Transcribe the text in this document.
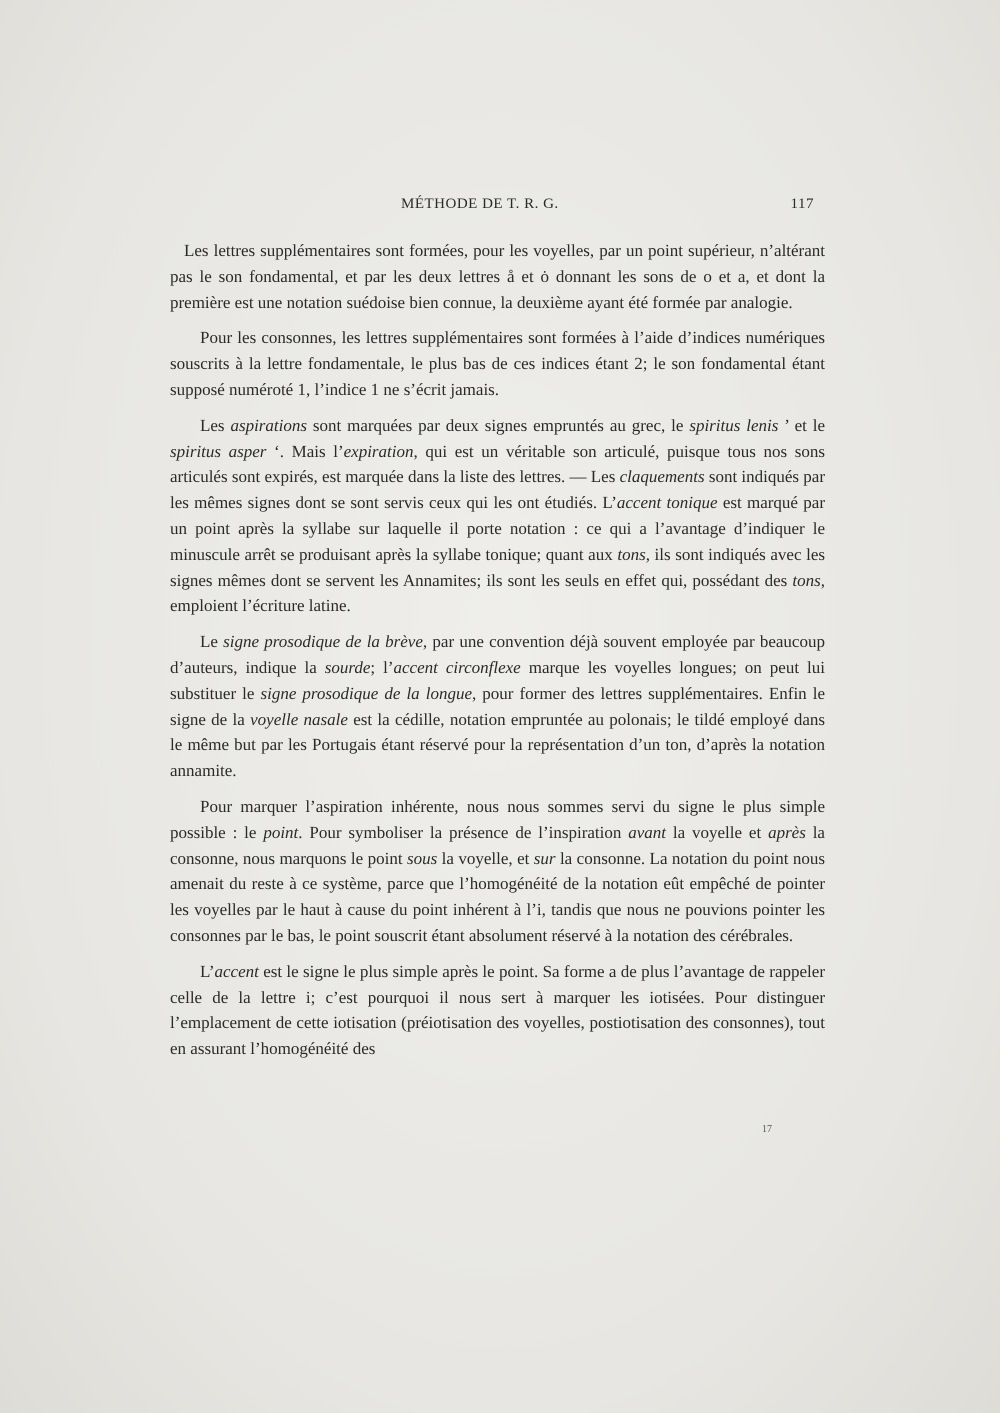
MÉTHODE DE T. R. G.	117

Les lettres supplémentaires sont formées, pour les voyelles, par un point supérieur, n’altérant pas le son fondamental, et par les deux lettres å et ȯ donnant les sons de o et a, et dont la première est une notation suédoise bien connue, la deuxième ayant été formée par analogie.

Pour les consonnes, les lettres supplémentaires sont formées à l’aide d’indices numériques souscrits à la lettre fondamentale, le plus bas de ces indices étant 2; le son fondamental étant supposé numéroté 1, l’indice 1 ne s’écrit jamais.

Les aspirations sont marquées par deux signes empruntés au grec, le spiritus lenis ’ et le spiritus asper ‘. Mais l’expiration, qui est un véritable son articulé, puisque tous nos sons articulés sont expirés, est marquée dans la liste des lettres. — Les claquements sont indiqués par les mêmes signes dont se sont servis ceux qui les ont étudiés. L’accent tonique est marqué par un point après la syllabe sur laquelle il porte notation : ce qui a l’avantage d’indiquer le minuscule arrêt se produisant après la syllabe tonique; quant aux tons, ils sont indiqués avec les signes mêmes dont se servent les Annamites; ils sont les seuls en effet qui, possédant des tons, emploient l’écriture latine.

Le signe prosodique de la brève, par une convention déjà souvent employée par beaucoup d’auteurs, indique la sourde; l’accent circonflexe marque les voyelles longues; on peut lui substituer le signe prosodique de la longue, pour former des lettres supplémentaires. Enfin le signe de la voyelle nasale est la cédille, notation empruntée au polonais; le tildé employé dans le même but par les Portugais étant réservé pour la représentation d’un ton, d’après la notation annamite.

Pour marquer l’aspiration inhérente, nous nous sommes servi du signe le plus simple possible : le point. Pour symboliser la présence de l’inspiration avant la voyelle et après la consonne, nous marquons le point sous la voyelle, et sur la consonne. La notation du point nous amenait du reste à ce système, parce que l’homogénéité de la notation eût empêché de pointer les voyelles par le haut à cause du point inhérent à l’i, tandis que nous ne pouvions pointer les consonnes par le bas, le point souscrit étant absolument réservé à la notation des cérébrales.

L’accent est le signe le plus simple après le point. Sa forme a de plus l’avantage de rappeler celle de la lettre i; c’est pourquoi il nous sert à marquer les iotisées. Pour distinguer l’emplacement de cette iotisation (préiotisation des voyelles, postiotisation des consonnes), tout en assurant l’homogénéité des

17
